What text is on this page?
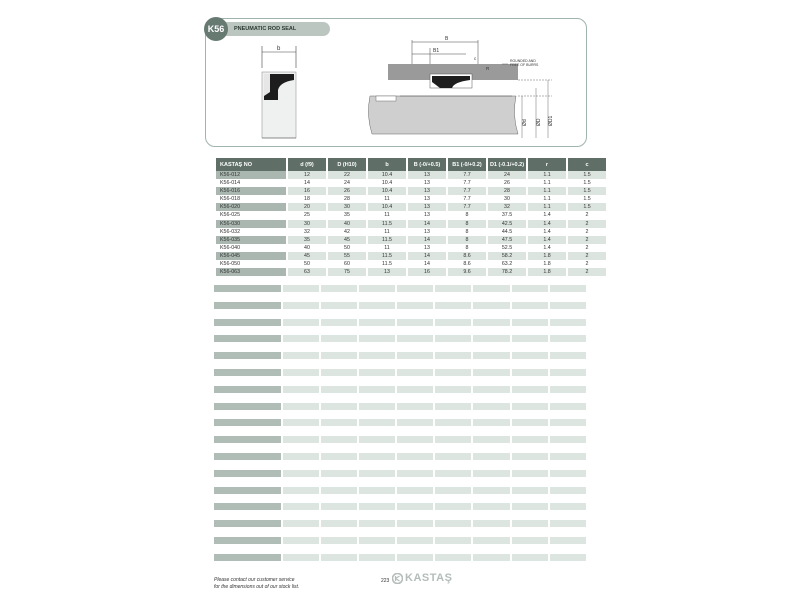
K56 PNEUMATIC ROD SEAL
b
B
B1
c
R
ROUNDED AND
FREE OF BURRS
Ød ØD ØD1
KASTAŞ NO	d (f9)	D (H10)	b	B (-0/+0.5)	B1 (-0/+0.2)	D1 (-0.1/+0.2)	r	c
K56-012	12	22	10.4	13	7.7	24	1.1	1.5
K56-014	14	24	10.4	13	7.7	26	1.1	1.5
K56-016	16	26	10.4	13	7.7	28	1.1	1.5
K56-018	18	28	11	13	7.7	30	1.1	1.5
K56-020	20	30	10.4	13	7.7	32	1.1	1.5
K56-025	25	35	11	13	8	37.5	1.4	2
K56-030	30	40	11.5	14	8	42.5	1.4	2
K56-032	32	42	11	13	8	44.5	1.4	2
K56-035	35	45	11.5	14	8	47.5	1.4	2
K56-040	40	50	11	13	8	52.5	1.4	2
K56-045	45	55	11.5	14	8.6	58.2	1.8	2
K56-050	50	60	11.5	14	8.6	63.2	1.8	2
K56-063	63	75	13	16	9.6	78.2	1.8	2
Please contact our customer service
for the dimensions out of our stock list.
223 KASTAŞ
